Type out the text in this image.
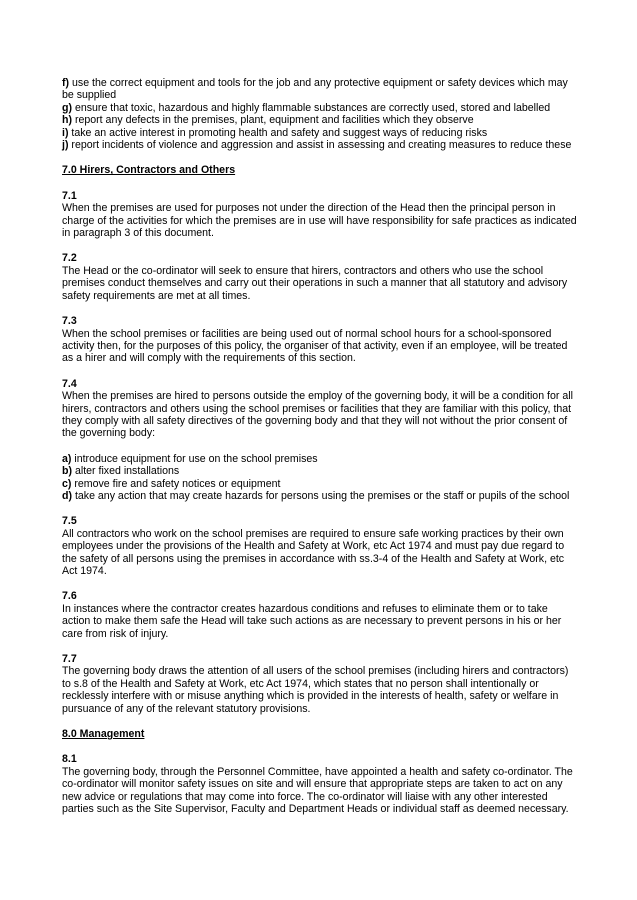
f) use the correct equipment and tools for the job and any protective equipment or safety devices which may be supplied

g) ensure that toxic, hazardous and highly flammable substances are correctly used, stored and labelled

h) report any defects in the premises, plant, equipment and facilities which they observe

i) take an active interest in promoting health and safety and suggest ways of reducing risks

j) report incidents of violence and aggression and assist in assessing and creating measures to reduce these

7.0 Hirers, Contractors and Others

7.1

When the premises are used for purposes not under the direction of the Head then the principal person in charge of the activities for which the premises are in use will have responsibility for safe practices as indicated in paragraph 3 of this document.

7.2

The Head or the co-ordinator will seek to ensure that hirers, contractors and others who use the school premises conduct themselves and carry out their operations in such a manner that all statutory and advisory safety requirements are met at all times.

7.3

When the school premises or facilities are being used out of normal school hours for a school-sponsored activity then, for the purposes of this policy, the organiser of that activity, even if an employee, will be treated as a hirer and will comply with the requirements of this section.

7.4

When the premises are hired to persons outside the employ of the governing body, it will be a condition for all hirers, contractors and others using the school premises or facilities that they are familiar with this policy, that they comply with all safety directives of the governing body and that they will not without the prior consent of the governing body:

a) introduce equipment for use on the school premises

b) alter fixed installations

c) remove fire and safety notices or equipment

d) take any action that may create hazards for persons using the premises or the staff or pupils of the school

7.5

All contractors who work on the school premises are required to ensure safe working practices by their own employees under the provisions of the Health and Safety at Work, etc Act 1974 and must pay due regard to the safety of all persons using the premises in accordance with ss.3-4 of the Health and Safety at Work, etc Act 1974.

7.6

In instances where the contractor creates hazardous conditions and refuses to eliminate them or to take action to make them safe the Head will take such actions as are necessary to prevent persons in his or her care from risk of injury.

7.7

The governing body draws the attention of all users of the school premises (including hirers and contractors) to s.8 of the Health and Safety at Work, etc Act 1974, which states that no person shall intentionally or recklessly interfere with or misuse anything which is provided in the interests of health, safety or welfare in pursuance of any of the relevant statutory provisions.

8.0 Management

8.1

The governing body, through the Personnel Committee, have appointed a health and safety co-ordinator. The co-ordinator will monitor safety issues on site and will ensure that appropriate steps are taken to act on any new advice or regulations that may come into force. The co-ordinator will liaise with any other interested parties such as the Site Supervisor, Faculty and Department Heads or individual staff as deemed necessary.
